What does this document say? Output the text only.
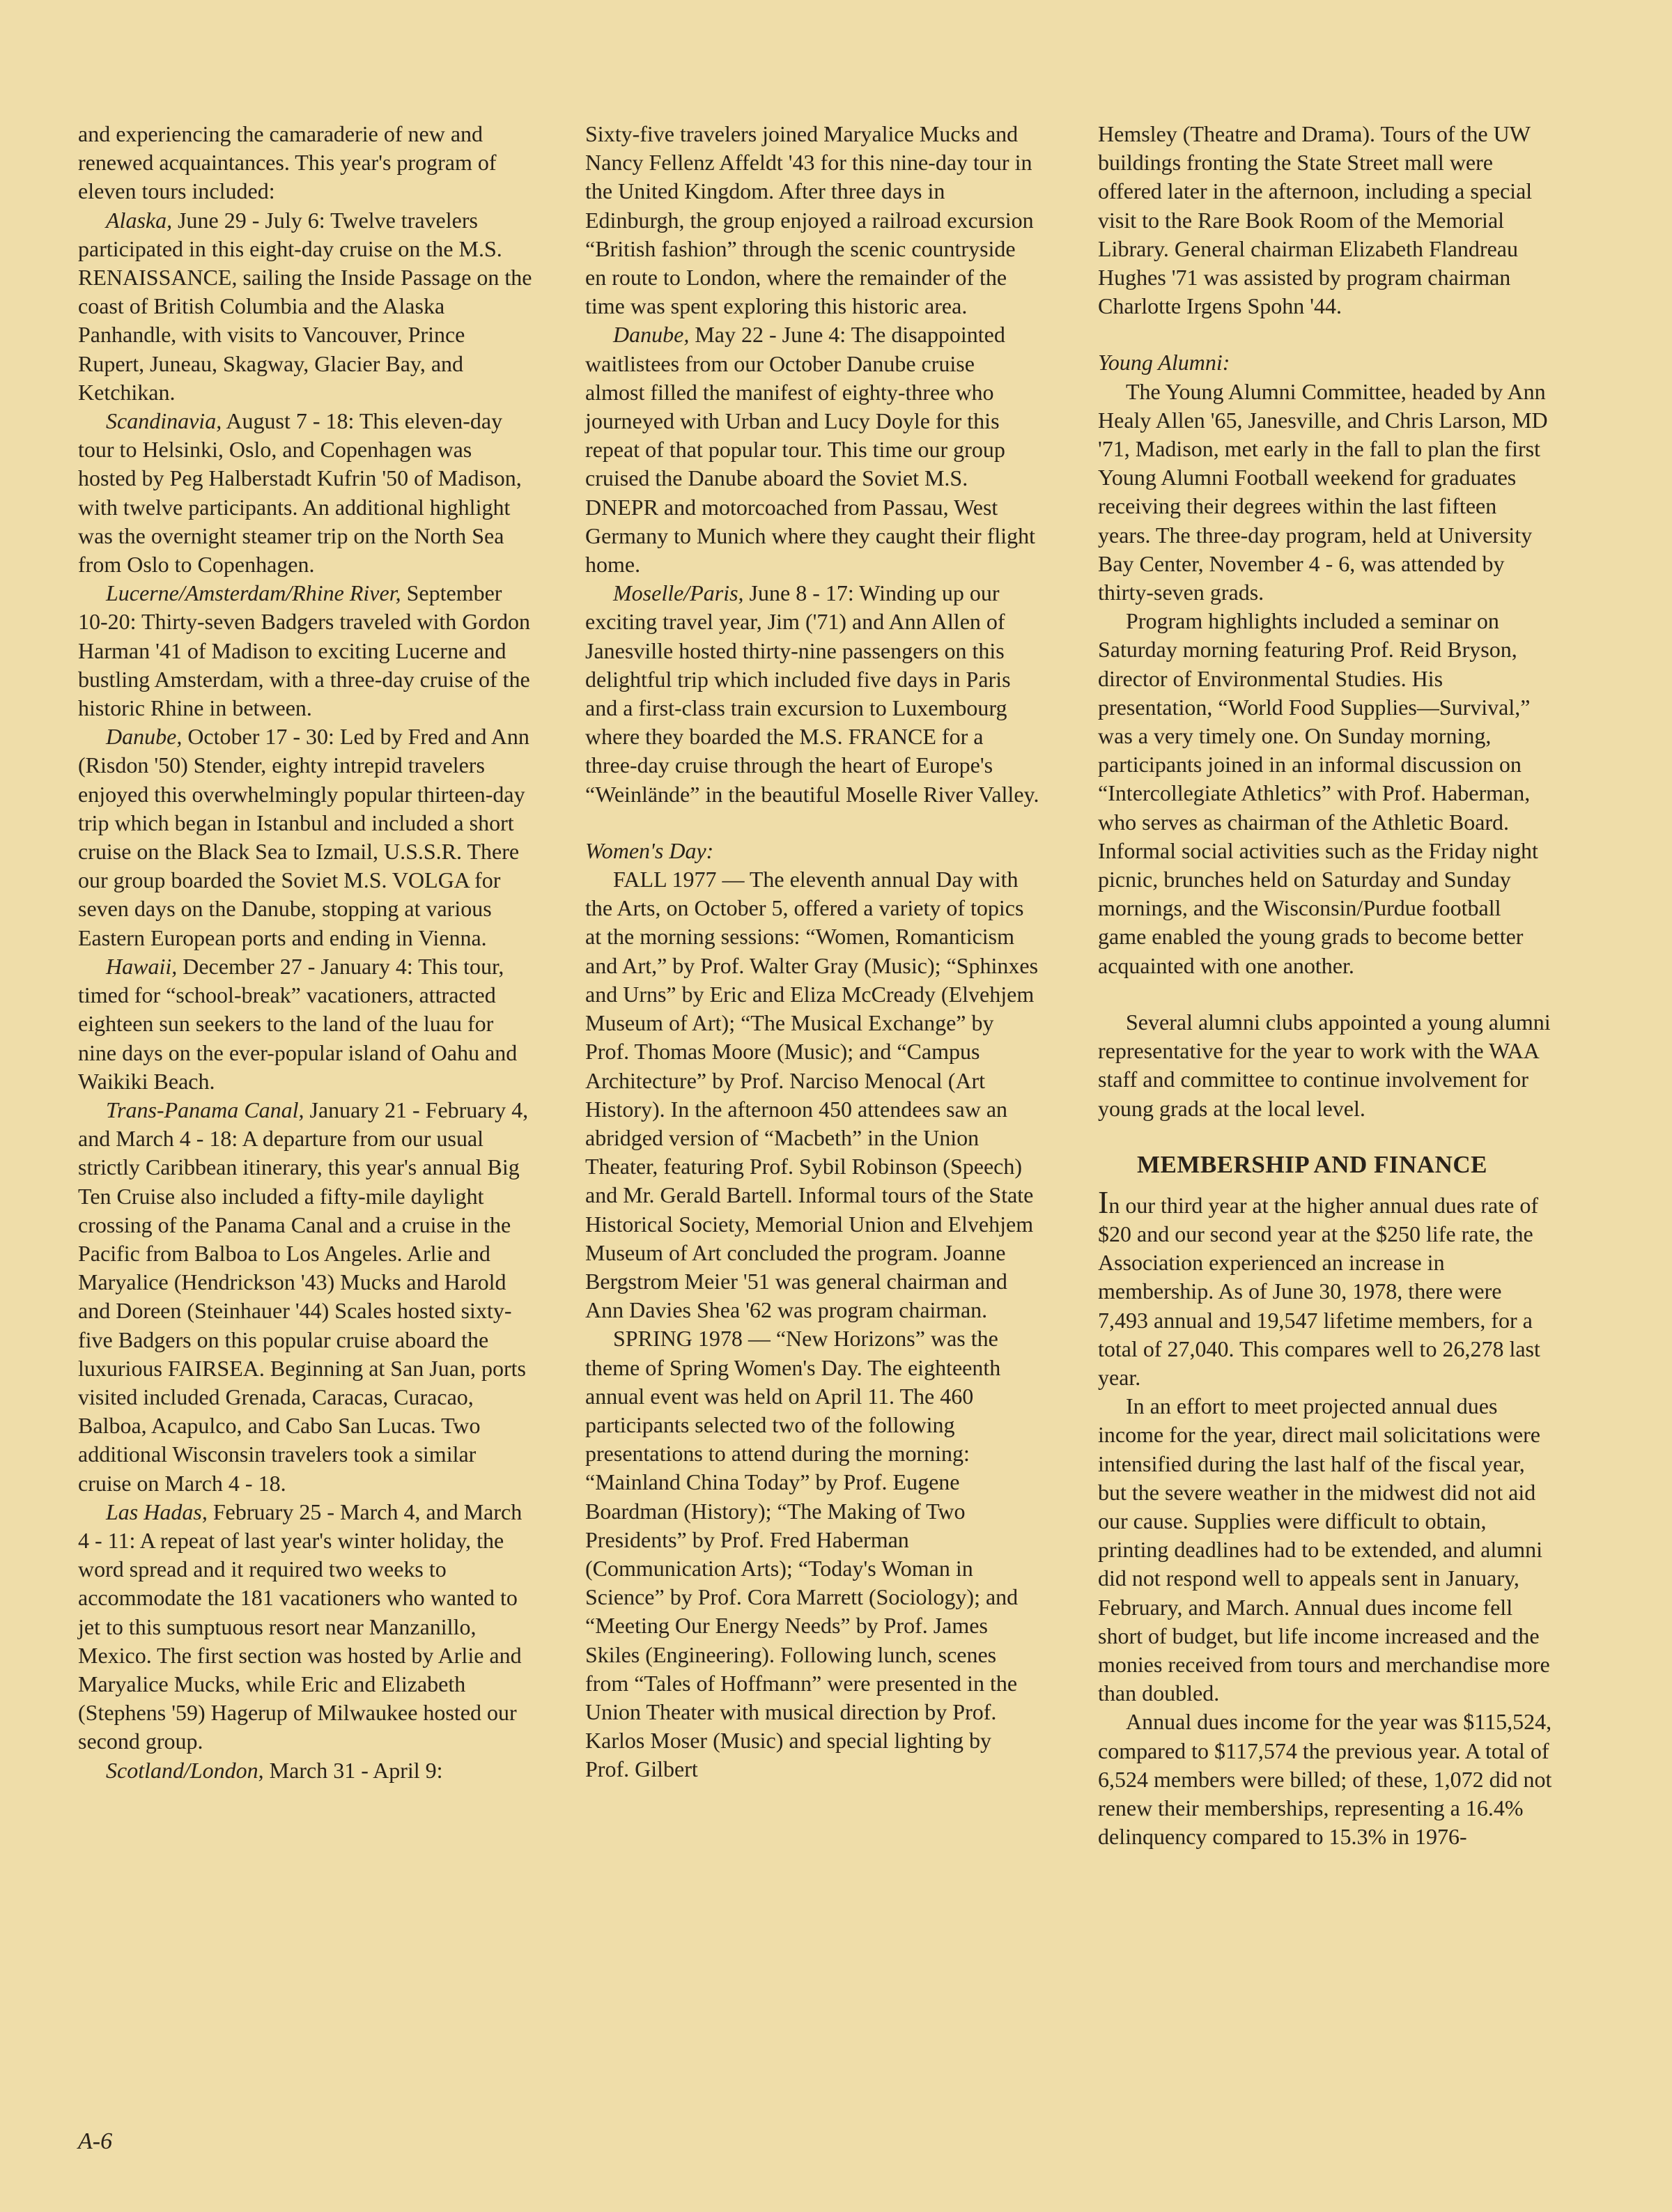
and experiencing the camaraderie of new and renewed acquaintances. This year's program of eleven tours included:

Alaska, June 29 - July 6: Twelve travelers participated in this eight-day cruise on the M.S. RENAISSANCE, sailing the Inside Passage on the coast of British Columbia and the Alaska Panhandle, with visits to Vancouver, Prince Rupert, Juneau, Skagway, Glacier Bay, and Ketchikan.

Scandinavia, August 7 - 18: This eleven-day tour to Helsinki, Oslo, and Copenhagen was hosted by Peg Halberstadt Kufrin '50 of Madison, with twelve participants. An additional highlight was the overnight steamer trip on the North Sea from Oslo to Copenhagen.

Lucerne/Amsterdam/Rhine River, September 10-20: Thirty-seven Badgers traveled with Gordon Harman '41 of Madison to exciting Lucerne and bustling Amsterdam, with a three-day cruise of the historic Rhine in between.

Danube, October 17 - 30: Led by Fred and Ann (Risdon '50) Stender, eighty intrepid travelers enjoyed this overwhelmingly popular thirteen-day trip which began in Istanbul and included a short cruise on the Black Sea to Izmail, U.S.S.R. There our group boarded the Soviet M.S. VOLGA for seven days on the Danube, stopping at various Eastern European ports and ending in Vienna.

Hawaii, December 27 - January 4: This tour, timed for “school-break” vacationers, attracted eighteen sun seekers to the land of the luau for nine days on the ever-popular island of Oahu and Waikiki Beach.

Trans-Panama Canal, January 21 - February 4, and March 4 - 18: A departure from our usual strictly Caribbean itinerary, this year's annual Big Ten Cruise also included a fifty-mile daylight crossing of the Panama Canal and a cruise in the Pacific from Balboa to Los Angeles. Arlie and Maryalice (Hendrickson '43) Mucks and Harold and Doreen (Steinhauer '44) Scales hosted sixty-five Badgers on this popular cruise aboard the luxurious FAIRSEA. Beginning at San Juan, ports visited included Grenada, Caracas, Curacao, Balboa, Acapulco, and Cabo San Lucas. Two additional Wisconsin travelers took a similar cruise on March 4 - 18.

Las Hadas, February 25 - March 4, and March 4 - 11: A repeat of last year's winter holiday, the word spread and it required two weeks to accommodate the 181 vacationers who wanted to jet to this sumptuous resort near Manzanillo, Mexico. The first section was hosted by Arlie and Maryalice Mucks, while Eric and Elizabeth (Stephens '59) Hagerup of Milwaukee hosted our second group.

Scotland/London, March 31 - April 9:

Sixty-five travelers joined Maryalice Mucks and Nancy Fellenz Affeldt '43 for this nine-day tour in the United Kingdom. After three days in Edinburgh, the group enjoyed a railroad excursion “British fashion” through the scenic countryside en route to London, where the remainder of the time was spent exploring this historic area.

Danube, May 22 - June 4: The disappointed waitlistees from our October Danube cruise almost filled the manifest of eighty-three who journeyed with Urban and Lucy Doyle for this repeat of that popular tour. This time our group cruised the Danube aboard the Soviet M.S. DNEPR and motorcoached from Passau, West Germany to Munich where they caught their flight home.

Moselle/Paris, June 8 - 17: Winding up our exciting travel year, Jim ('71) and Ann Allen of Janesville hosted thirty-nine passengers on this delightful trip which included five days in Paris and a first-class train excursion to Luxembourg where they boarded the M.S. FRANCE for a three-day cruise through the heart of Europe's “Weinlände” in the beautiful Moselle River Valley.

Women's Day:

FALL 1977 — The eleventh annual Day with the Arts, on October 5, offered a variety of topics at the morning sessions: “Women, Romanticism and Art,” by Prof. Walter Gray (Music); “Sphinxes and Urns” by Eric and Eliza McCready (Elvehjem Museum of Art); “The Musical Exchange” by Prof. Thomas Moore (Music); and “Campus Architecture” by Prof. Narciso Menocal (Art History). In the afternoon 450 attendees saw an abridged version of “Macbeth” in the Union Theater, featuring Prof. Sybil Robinson (Speech) and Mr. Gerald Bartell. Informal tours of the State Historical Society, Memorial Union and Elvehjem Museum of Art concluded the program. Joanne Bergstrom Meier '51 was general chairman and Ann Davies Shea '62 was program chairman.

SPRING 1978 — “New Horizons” was the theme of Spring Women's Day. The eighteenth annual event was held on April 11. The 460 participants selected two of the following presentations to attend during the morning: “Mainland China Today” by Prof. Eugene Boardman (History); “The Making of Two Presidents” by Prof. Fred Haberman (Communication Arts); “Today's Woman in Science” by Prof. Cora Marrett (Sociology); and “Meeting Our Energy Needs” by Prof. James Skiles (Engineering). Following lunch, scenes from “Tales of Hoffmann” were presented in the Union Theater with musical direction by Prof. Karlos Moser (Music) and special lighting by Prof. Gilbert

Hemsley (Theatre and Drama). Tours of the UW buildings fronting the State Street mall were offered later in the afternoon, including a special visit to the Rare Book Room of the Memorial Library. General chairman Elizabeth Flandreau Hughes '71 was assisted by program chairman Charlotte Irgens Spohn '44.

Young Alumni:

The Young Alumni Committee, headed by Ann Healy Allen '65, Janesville, and Chris Larson, MD '71, Madison, met early in the fall to plan the first Young Alumni Football weekend for graduates receiving their degrees within the last fifteen years. The three-day program, held at University Bay Center, November 4 - 6, was attended by thirty-seven grads.

Program highlights included a seminar on Saturday morning featuring Prof. Reid Bryson, director of Environmental Studies. His presentation, “World Food Supplies—Survival,” was a very timely one. On Sunday morning, participants joined in an informal discussion on “Intercollegiate Athletics” with Prof. Haberman, who serves as chairman of the Athletic Board. Informal social activities such as the Friday night picnic, brunches held on Saturday and Sunday mornings, and the Wisconsin/Purdue football game enabled the young grads to become better acquainted with one another.

Several alumni clubs appointed a young alumni representative for the year to work with the WAA staff and committee to continue involvement for young grads at the local level.

MEMBERSHIP AND FINANCE

In our third year at the higher annual dues rate of $20 and our second year at the $250 life rate, the Association experienced an increase in membership. As of June 30, 1978, there were 7,493 annual and 19,547 lifetime members, for a total of 27,040. This compares well to 26,278 last year.

In an effort to meet projected annual dues income for the year, direct mail solicitations were intensified during the last half of the fiscal year, but the severe weather in the midwest did not aid our cause. Supplies were difficult to obtain, printing deadlines had to be extended, and alumni did not respond well to appeals sent in January, February, and March. Annual dues income fell short of budget, but life income increased and the monies received from tours and merchandise more than doubled.

Annual dues income for the year was $115,524, compared to $117,574 the previous year. A total of 6,524 members were billed; of these, 1,072 did not renew their memberships, representing a 16.4% delinquency compared to 15.3% in 1976-

A-6
